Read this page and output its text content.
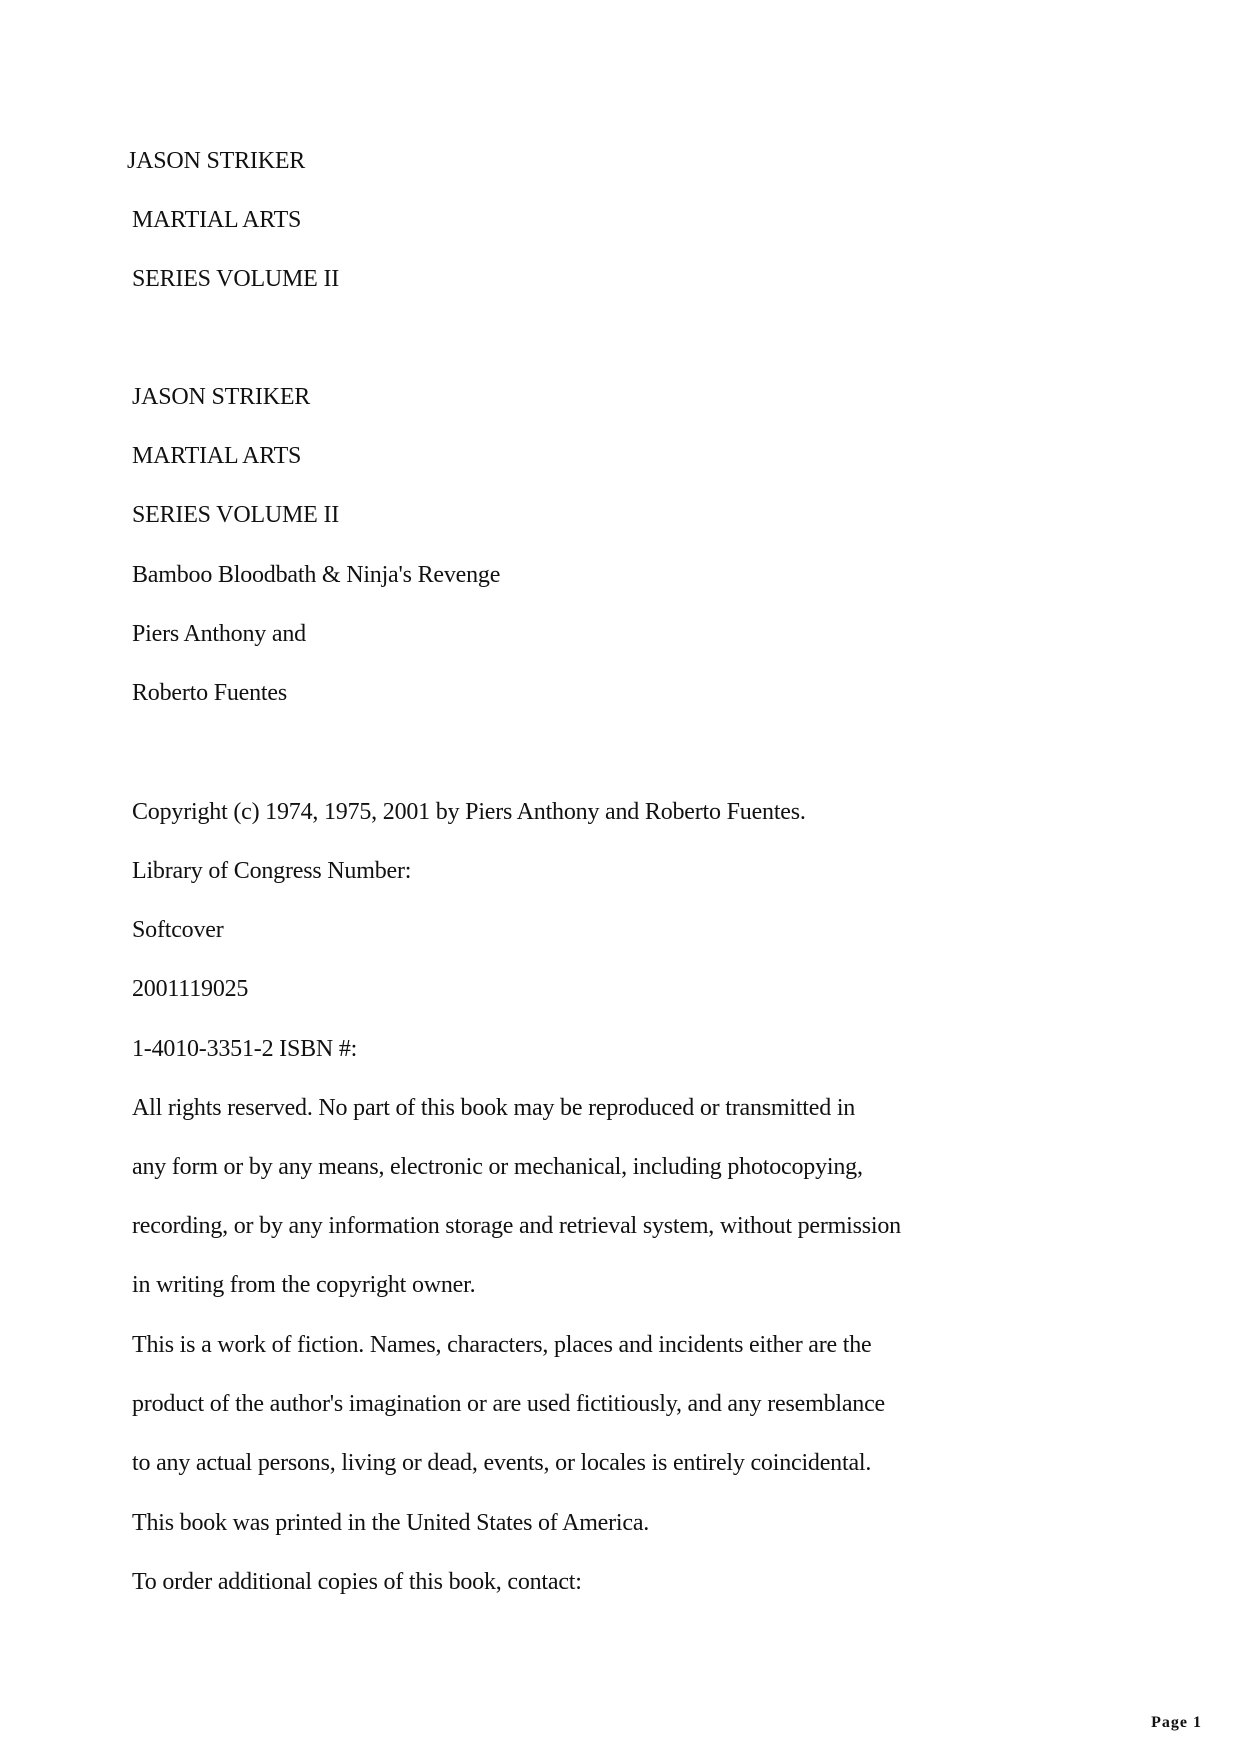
JASON STRIKER
MARTIAL ARTS
SERIES VOLUME II
JASON STRIKER
MARTIAL ARTS
SERIES VOLUME II
Bamboo Bloodbath & Ninja's Revenge
Piers Anthony and
Roberto Fuentes
Copyright (c) 1974, 1975, 2001 by Piers Anthony and Roberto Fuentes.
Library of Congress Number:
Softcover
2001119025
1-4010-3351-2 ISBN #:
All rights reserved. No part of this book may be reproduced or transmitted in
any form or by any means, electronic or mechanical, including photocopying,
recording, or by any information storage and retrieval system, without permission
in writing from the copyright owner.
This is a work of fiction. Names, characters, places and incidents either are the
product of the author's imagination or are used fictitiously, and any resemblance
to any actual persons, living or dead, events, or locales is entirely coincidental.
This book was printed in the United States of America.
To order additional copies of this book, contact:
Page 1
